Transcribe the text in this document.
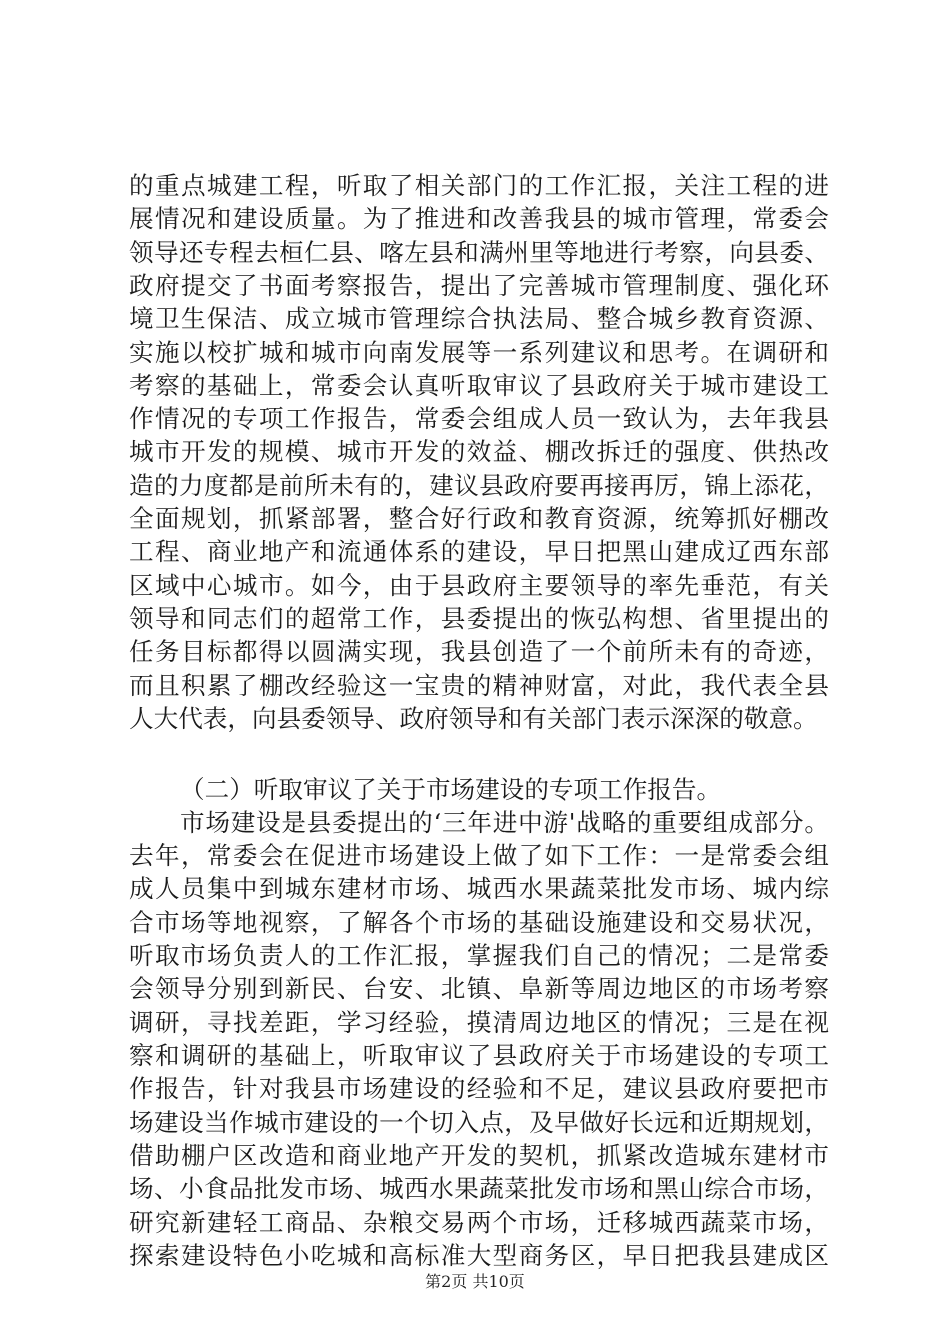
的重点城建工程，听取了相关部门的工作汇报，关注工程的进
展情况和建设质量。为了推进和改善我县的城市管理，常委会
领导还专程去桓仁县、喀左县和满州里等地进行考察，向县委、
政府提交了书面考察报告，提出了完善城市管理制度、强化环
境卫生保洁、成立城市管理综合执法局、整合城乡教育资源、
实施以校扩城和城市向南发展等一系列建议和思考。在调研和
考察的基础上，常委会认真听取审议了县政府关于城市建设工
作情况的专项工作报告，常委会组成人员一致认为，去年我县
城市开发的规模、城市开发的效益、棚改拆迁的强度、供热改
造的力度都是前所未有的，建议县政府要再接再厉，锦上添花，
全面规划，抓紧部署，整合好行政和教育资源，统筹抓好棚改
工程、商业地产和流通体系的建设，早日把黑山建成辽西东部
区域中心城市。如今，由于县政府主要领导的率先垂范，有关
领导和同志们的超常工作，县委提出的恢弘构想、省里提出的
任务目标都得以圆满实现，我县创造了一个前所未有的奇迹，
而且积累了棚改经验这一宝贵的精神财富，对此，我代表全县
人大代表，向县委领导、政府领导和有关部门表示深深的敬意。
（二）听取审议了关于市场建设的专项工作报告。
市场建设是县委提出的‘三年进中游'战略的重要组成部分。
去年，常委会在促进市场建设上做了如下工作：一是常委会组
成人员集中到城东建材市场、城西水果蔬菜批发市场、城内综
合市场等地视察，了解各个市场的基础设施建设和交易状况，
听取市场负责人的工作汇报，掌握我们自己的情况；二是常委
会领导分别到新民、台安、北镇、阜新等周边地区的市场考察
调研，寻找差距，学习经验，摸清周边地区的情况；三是在视
察和调研的基础上，听取审议了县政府关于市场建设的专项工
作报告，针对我县市场建设的经验和不足，建议县政府要把市
场建设当作城市建设的一个切入点，及早做好长远和近期规划，
借助棚户区改造和商业地产开发的契机，抓紧改造城东建材市
场、小食品批发市场、城西水果蔬菜批发市场和黑山综合市场，
研究新建轻工商品、杂粮交易两个市场，迁移城西蔬菜市场，
探索建设特色小吃城和高标准大型商务区，早日把我县建成区
第2页 共10页
